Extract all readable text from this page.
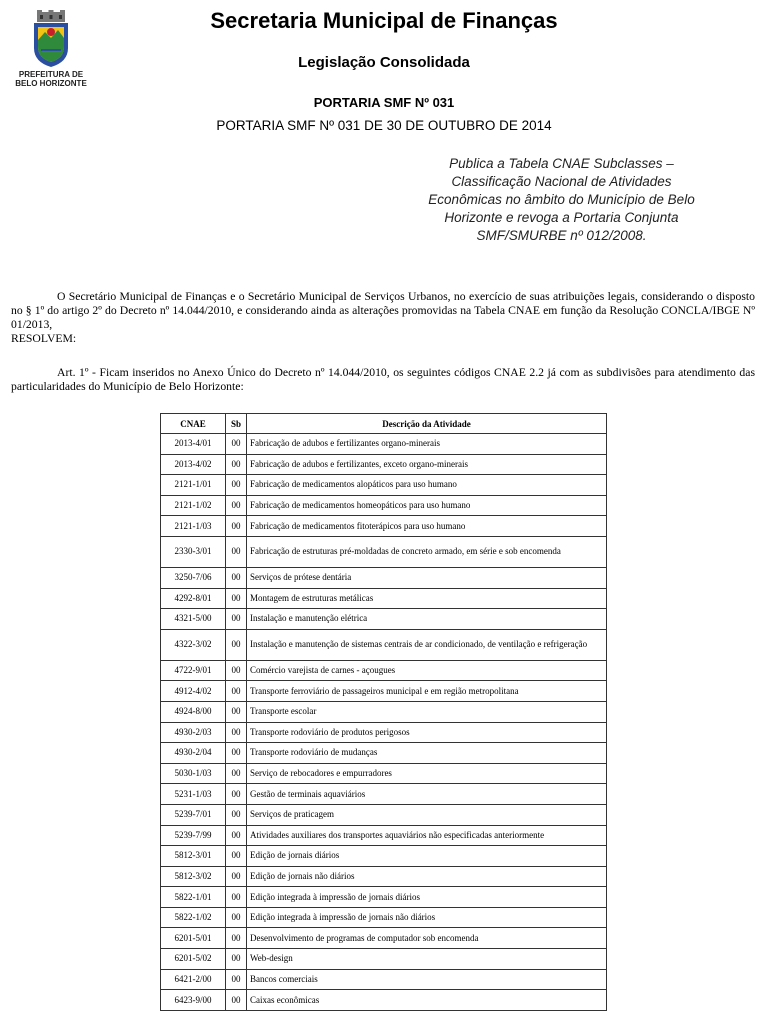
PREFEITURA DE BELO HORIZONTE
Secretaria Municipal de Finanças
Legislação Consolidada
PORTARIA SMF Nº 031
PORTARIA SMF Nº 031 DE 30 DE OUTUBRO DE 2014
Publica a Tabela CNAE Subclasses – Classificação Nacional de Atividades Econômicas no âmbito do Município de Belo Horizonte e revoga a Portaria Conjunta SMF/SMURBE nº 012/2008.
O Secretário Municipal de Finanças e o Secretário Municipal de Serviços Urbanos, no exercício de suas atribuições legais, considerando o disposto no § 1º do artigo 2º do Decreto nº 14.044/2010, e considerando ainda as alterações promovidas na Tabela CNAE em função da Resolução CONCLA/IBGE Nº 01/2013,
RESOLVEM:
Art. 1º - Ficam inseridos no Anexo Único do Decreto nº 14.044/2010, os seguintes códigos CNAE 2.2 já com as subdivisões para atendimento das particularidades do Município de Belo Horizonte:
CNAE	Sb	Descrição da Atividade
2013-4/01	00	Fabricação de adubos e fertilizantes organo-minerais
2013-4/02	00	Fabricação de adubos e fertilizantes, exceto organo-minerais
2121-1/01	00	Fabricação de medicamentos alopáticos para uso humano
2121-1/02	00	Fabricação de medicamentos homeopáticos para uso humano
2121-1/03	00	Fabricação de medicamentos fitoterápicos para uso humano
2330-3/01	00	Fabricação de estruturas pré-moldadas de concreto armado, em série e sob encomenda
3250-7/06	00	Serviços de prótese dentária
4292-8/01	00	Montagem de estruturas metálicas
4321-5/00	00	Instalação e manutenção elétrica
4322-3/02	00	Instalação e manutenção de sistemas centrais de ar condicionado, de ventilação e refrigeração
4722-9/01	00	Comércio varejista de carnes - açougues
4912-4/02	00	Transporte ferroviário de passageiros municipal e em região metropolitana
4924-8/00	00	Transporte escolar
4930-2/03	00	Transporte rodoviário de produtos perigosos
4930-2/04	00	Transporte rodoviário de mudanças
5030-1/03	00	Serviço de rebocadores e empurradores
5231-1/03	00	Gestão de terminais aquaviários
5239-7/01	00	Serviços de praticagem
5239-7/99	00	Atividades auxiliares dos transportes aquaviários não especificadas anteriormente
5812-3/01	00	Edição de jornais diários
5812-3/02	00	Edição de jornais não diários
5822-1/01	00	Edição integrada à impressão de jornais diários
5822-1/02	00	Edição integrada à impressão de jornais não diários
6201-5/01	00	Desenvolvimento de programas de computador sob encomenda
6201-5/02	00	Web-design
6421-2/00	00	Bancos comerciais
6423-9/00	00	Caixas econômicas
